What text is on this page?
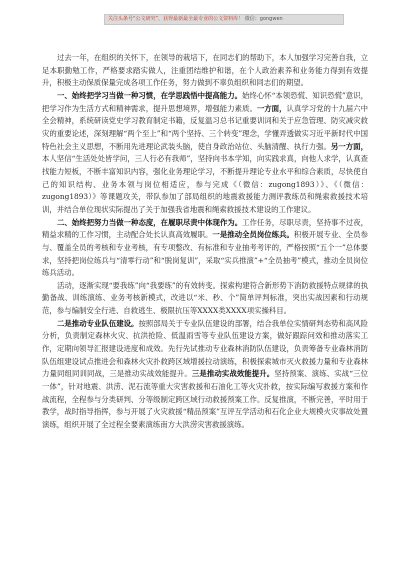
关注头条号“公文研究”，获得最新最全最专业的公文资料库！ 微信：gongwen

过去一年，在组织的关怀下，在领导的栽培下，在同志们的帮助下，本人加强学习完善自我，立足本职勤勉工作，严格要求踏实做人，注重团结维护和谐，在个人政治素养和业务能力得到有效提升，积极主动保质保量完成各项工作任务，努力做到不辜负组织和同志们的期望。

一、始终把学习当做一种习惯，在学思践悟中提高能力。始终心怀“本领恐慌、知识恐慌”意识，把学习作为生活方式和精神需求，提升思想境界，增强能力素质。一方面，认真学习党的十九届六中全会精神，系统研读党史学习教育制定书籍，反复温习总书记重要训词和关于应急管理、防灾减灾救灾的重要论述，深刻理解“两个至上”和“两个坚持、三个转变”理念，学懂弄透做实习近平新时代中国特色社会主义思想，不断用先进理论武装头脑，使自身政治站位、头脑清醒、执行力强。另一方面，本人坚信“生活处处皆学问，三人行必有我师”，坚持向书本学知，向实践求真，向他人求学，认真查找能力短板，不断丰富知识内容，强化业务理论学习，不断提升理论专业水平和综合素质，尽快使自己的知识结构、业务本领与岗位相适应，参与完成《（微信：zugong1893）》、《（微信：zugong1893）》等课题攻关，带队参加了部局组织的地震救援能力测评教练员和绳索救援技术培训，并结合单位现状实际提出了关于加强我省地震和绳索救援技术建设的工作建议。

二、始终把努力当做一种态度，在履职尽责中体现作为。工作任务，尽职尽责，坚持事不过夜，精益求精的工作习惯，主动配合处长认真高效履职。一是推动全员岗位练兵。积极开展专业、全员参与、覆盖全员的考核和专业考核，有专项整改、有标准和专业抽考考评的，严格按照“五个一”总体要求，坚持把岗位练兵与“清零行动”和“脱岗复训”，采取“实兵推演”+“全员抽考”模式，推动全员岗位练兵活动。

活动，逐渐实现“要我练”向“我要练”的有效转变。探索构建符合新形势下消防救援特点规律的执勤备战、训练演练、业务考核新模式，改进以“米、秒、个”简单评判标准，突出实战因素和行动规范，参与编制安全行进、自救逃生、极限抗压等XXXX类XXXX项实操科目。

二是推动专业队伍建设。按照部局关于专业队伍建设的部署，结合我单位实情研判态势和高风险分析，负责制定森林火灾、抗洪抢险、低温雨雪等专业队伍建设方案，做好跟踪问效和推动落实工作，定期向领导汇报建设进度和成效。先行先试推动专业森林消防队伍建设，负责筹备专业森林消防队伍组建设试点推进会和森林火灾扑救跨区域增援拉动演练，积极探索城市灭火救援力量和专业森林力量同组同训同战，三是推动实战效能提升。三是推动实战效能提升。坚持预案、演练、实战“三位一体”，针对地震、洪涝、泥石流等重大灾害救援和石油化工等火灾扑救，按实际编写救援方案和作战流程，全程参与分类研判、分等级制定跨区域行动救援预案工作。反复推演，不断完善，平时用于教学，战时指导指挥，参与开展了火灾救援“精品预案”互评互学活动和石化企业大规模火灾事故处置演练，组织开展了全过程全要素演练南方大洪涝灾害救援演练。
